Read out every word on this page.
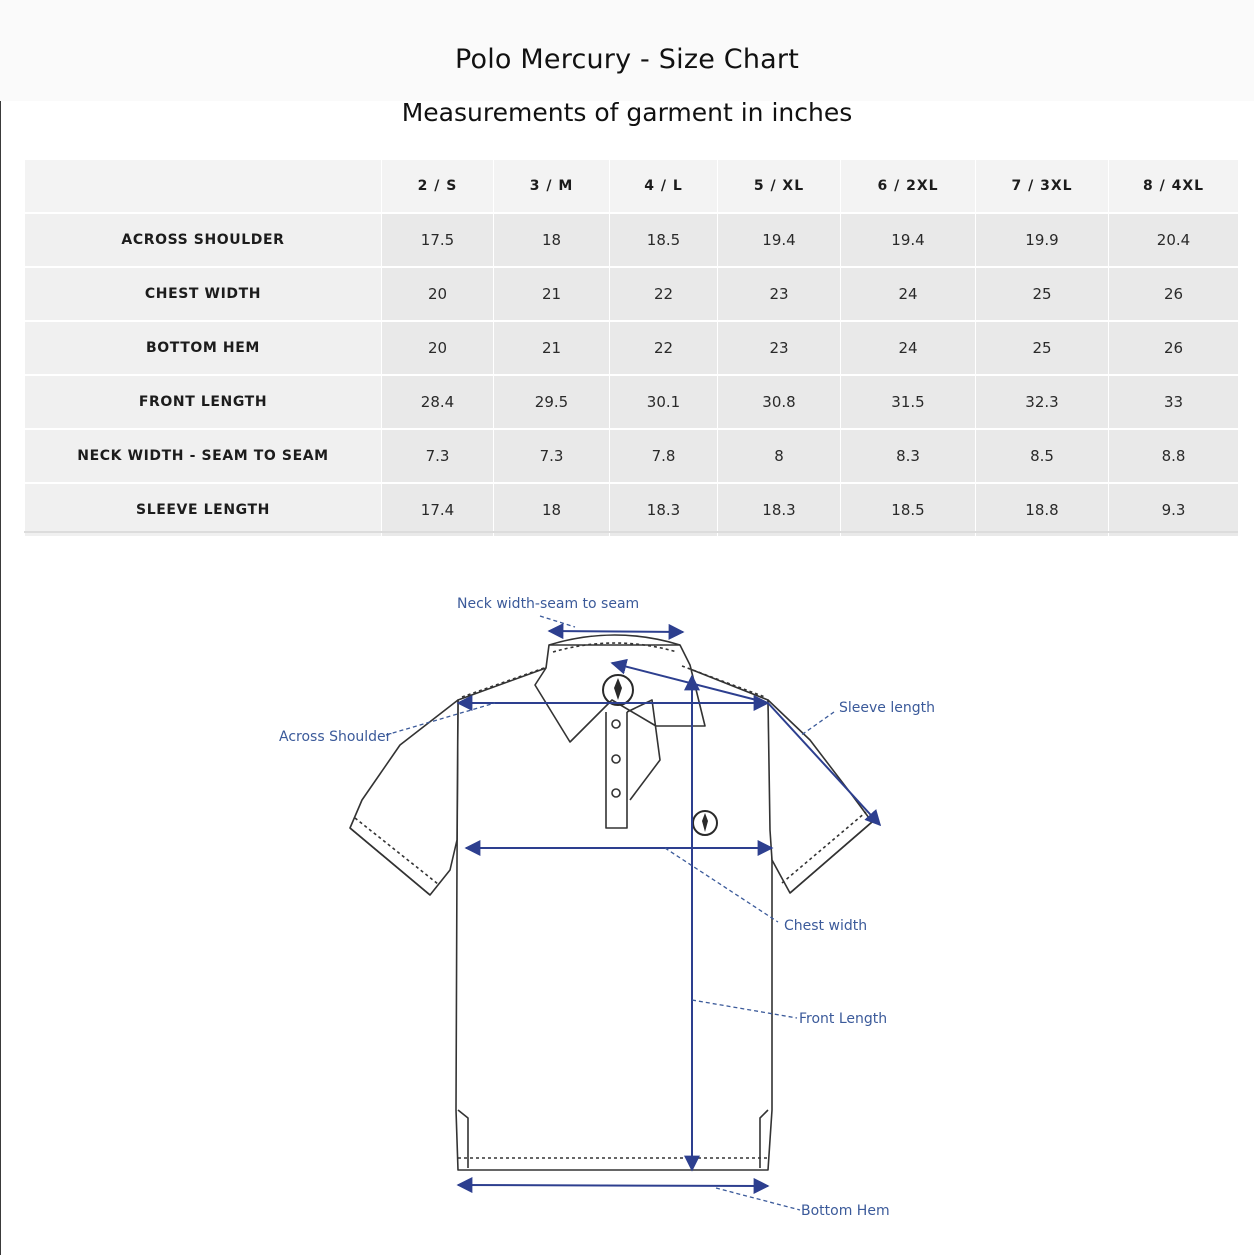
Polo Mercury - Size Chart
Measurements of garment in inches
	2 / S	3 / M	4 / L	5 / XL	6 / 2XL	7 / 3XL	8 / 4XL
ACROSS SHOULDER	17.5	18	18.5	19.4	19.4	19.9	20.4
CHEST WIDTH	20	21	22	23	24	25	26
BOTTOM HEM	20	21	22	23	24	25	26
FRONT LENGTH	28.4	29.5	30.1	30.8	31.5	32.3	33
NECK WIDTH - SEAM TO SEAM	7.3	7.3	7.8	8	8.3	8.5	8.8
SLEEVE LENGTH	17.4	18	18.3	18.3	18.5	18.8	9.3
Neck width-seam to seam
Sleeve length
Across Shoulder
Chest width
Front Length
Bottom Hem
